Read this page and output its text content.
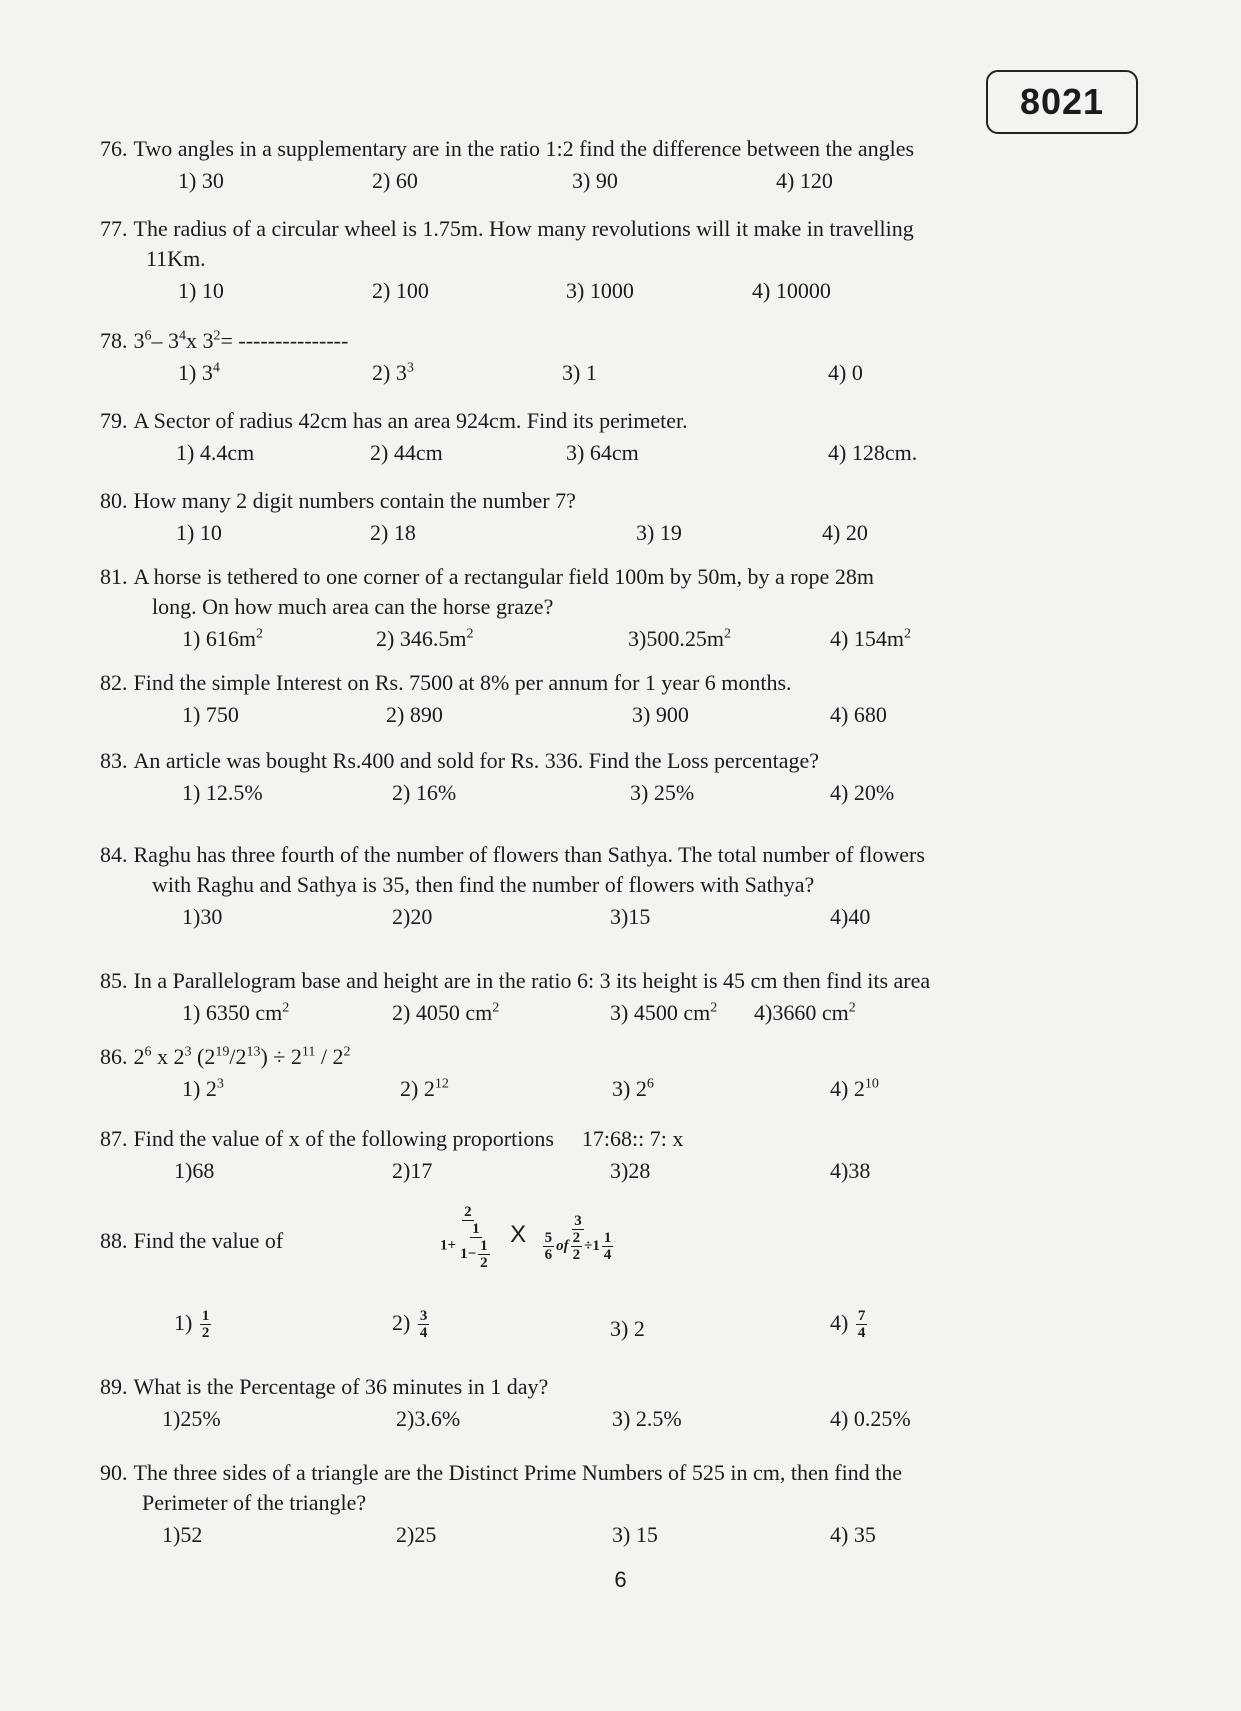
8021
76. Two angles in a supplementary are in the ratio 1:2 find the difference between the angles
1) 30	2) 60	3) 90	4) 120
77. The radius of a circular wheel is 1.75m. How many revolutions will it make in travelling
11Km.
1) 10	2) 100	3) 1000	4) 10000
78. $3^6-$ $3^4x$ $3^2=$ ---------------
1) $3^4$	2) $3^3$	3) 1	4) 0
79. A Sector of radius 42cm has an area 924cm. Find its perimeter.
1) 4.4cm	2) 44cm	3) 64cm	4) 128cm.
80. How many 2 digit numbers contain the number 7?
1) 10	2) 18	3) 19	4) 20
81. A horse is tethered to one corner of a rectangular field 100m by 50m, by a rope 28m
long. On how much area can the horse graze?
1) $616m^2$	2) $346.5m^2$	$3)500.25m^2$	4) $154m^2$
82. Find the simple Interest on Rs. 7500 at 8% per annum for 1 year 6 months.
1) 750	2) 890	3) 900	4) 680
83. An article was bought Rs.400 and sold for Rs. 336. Find the Loss percentage?
1) 12.5%	2) 16%	3) 25%	4) 20%
84. Raghu has three fourth of the number of flowers than Sathya. The total number of flowers
with Raghu and Sathya is 35, then find the number of flowers with Sathya?
1)30	2)20	3)15	4)40
85. In a Parallelogram base and height are in the ratio 6: 3 its height is 45 cm then find its area
1) 6350 $cm^2$	2) 4050 $cm^2$	3) 4500 $cm^2$ 4)3660 $cm^2$
86. $2^6$ x $2^3$ $(2^{19}/2^{13}) \div 2^{11} / 2^2$
1) $2^3$	2) $2^{12}$	3) $2^6$	4) $2^{10}$
87. Find the value of x of the following proportions 17:68:: 7: x
1)68	2)17	3)28	4)38
88. Find the value of	$\frac{2}{1+ \frac{1}{1- \frac{1}{2}}}$ X $\frac{3}{\frac{5}{6} of \frac{2}{2} \div 1 \frac{1}{4}}$
$1) \frac{1}{2}$	$2) \frac{3}{4}$	3) 2	$4) \frac{7}{4}$
89. What is the Percentage of 36 minutes in 1 day?
1)25%	2)3.6%	3) 2.5%	4) 0.25%
90. The three sides of a triangle are the Distinct Prime Numbers of 525 in cm, then find the
Perimeter of the triangle?
1)52	2)25	3) 15	4) 35
6
